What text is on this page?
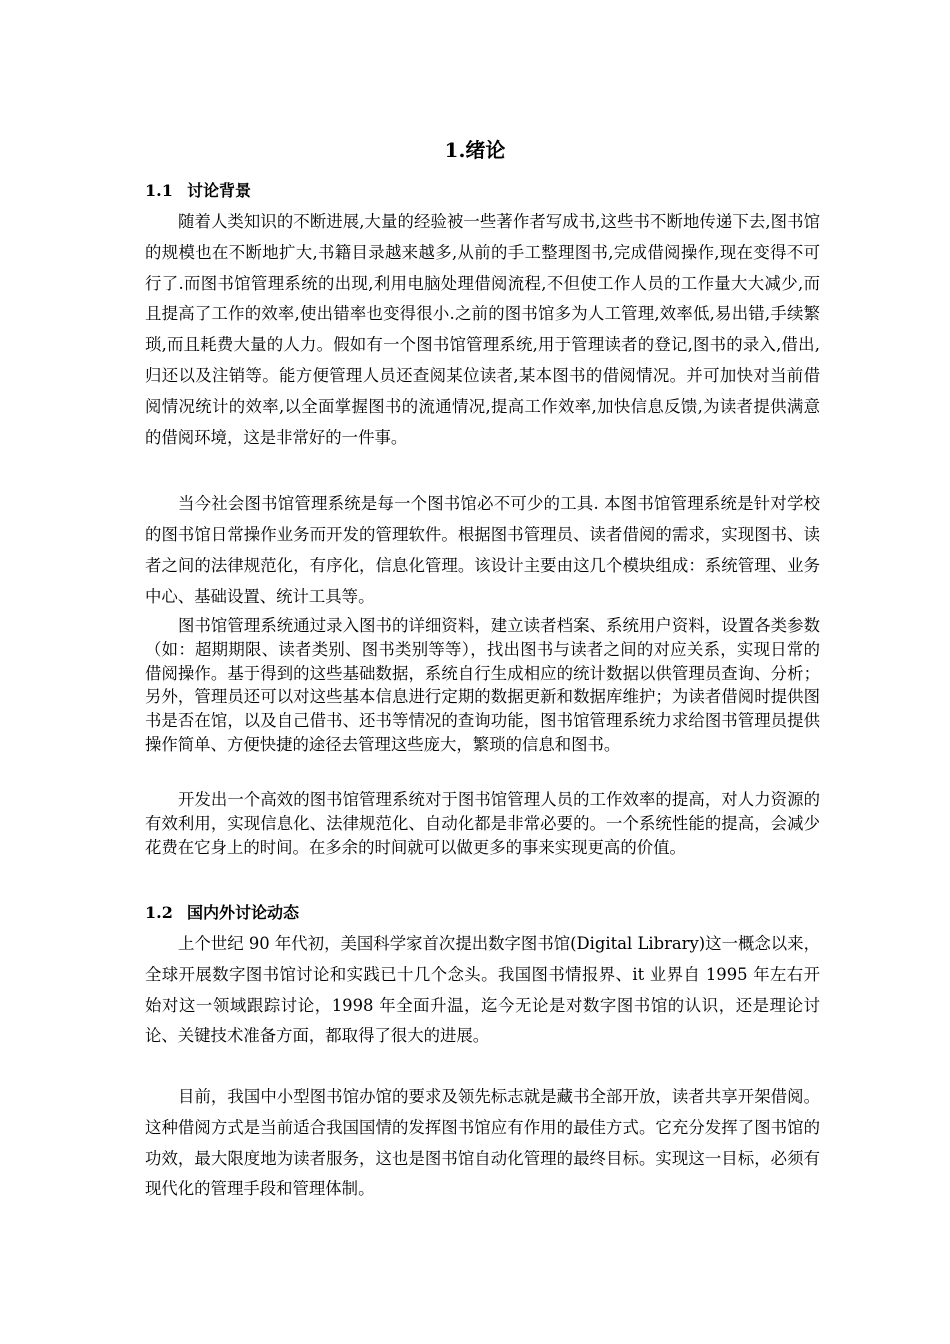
1.绪论
1.1 讨论背景

随着人类知识的不断进展,大量的经验被一些著作者写成书,这些书不断地传递下去,图书馆的规模也在不断地扩大,书籍目录越来越多,从前的手工整理图书,完成借阅操作,现在变得不可行了.而图书馆管理系统的出现,利用电脑处理借阅流程,不但使工作人员的工作量大大减少,而且提高了工作的效率,使出错率也变得很小.之前的图书馆多为人工管理,效率低,易出错,手续繁琐,而且耗费大量的人力。假如有一个图书馆管理系统,用于管理读者的登记,图书的录入,借出,归还以及注销等。能方便管理人员还查阅某位读者,某本图书的借阅情况。并可加快对当前借阅情况统计的效率,以全面掌握图书的流通情况,提高工作效率,加快信息反馈,为读者提供满意的借阅环境，这是非常好的一件事。

当今社会图书馆管理系统是每一个图书馆必不可少的工具. 本图书馆管理系统是针对学校的图书馆日常操作业务而开发的管理软件。根据图书管理员、读者借阅的需求，实现图书、读者之间的法律规范化，有序化，信息化管理。该设计主要由这几个模块组成：系统管理、业务中心、基础设置、统计工具等。

图书馆管理系统通过录入图书的详细资料，建立读者档案、系统用户资料，设置各类参数（如：超期期限、读者类别、图书类别等等），找出图书与读者之间的对应关系，实现日常的借阅操作。基于得到的这些基础数据，系统自行生成相应的统计数据以供管理员查询、分析；另外，管理员还可以对这些基本信息进行定期的数据更新和数据库维护；为读者借阅时提供图书是否在馆，以及自己借书、还书等情况的查询功能，图书馆管理系统力求给图书管理员提供操作简单、方便快捷的途径去管理这些庞大，繁琐的信息和图书。

开发出一个高效的图书馆管理系统对于图书馆管理人员的工作效率的提高，对人力资源的有效利用，实现信息化、法律规范化、自动化都是非常必要的。一个系统性能的提高，会减少花费在它身上的时间。在多余的时间就可以做更多的事来实现更高的价值。

1.2 国内外讨论动态

上个世纪 90 年代初，美国科学家首次提出数字图书馆(Digital Library)这一概念以来，全球开展数字图书馆讨论和实践已十几个念头。我国图书情报界、it 业界自 1995 年左右开始对这一领域跟踪讨论，1998 年全面升温，迄今无论是对数字图书馆的认识，还是理论讨论、关键技术准备方面，都取得了很大的进展。

目前，我国中小型图书馆办馆的要求及领先标志就是藏书全部开放，读者共享开架借阅。这种借阅方式是当前适合我国国情的发挥图书馆应有作用的最佳方式。它充分发挥了图书馆的功效，最大限度地为读者服务，这也是图书馆自动化管理的最终目标。实现这一目标，必须有现代化的管理手段和管理体制。
